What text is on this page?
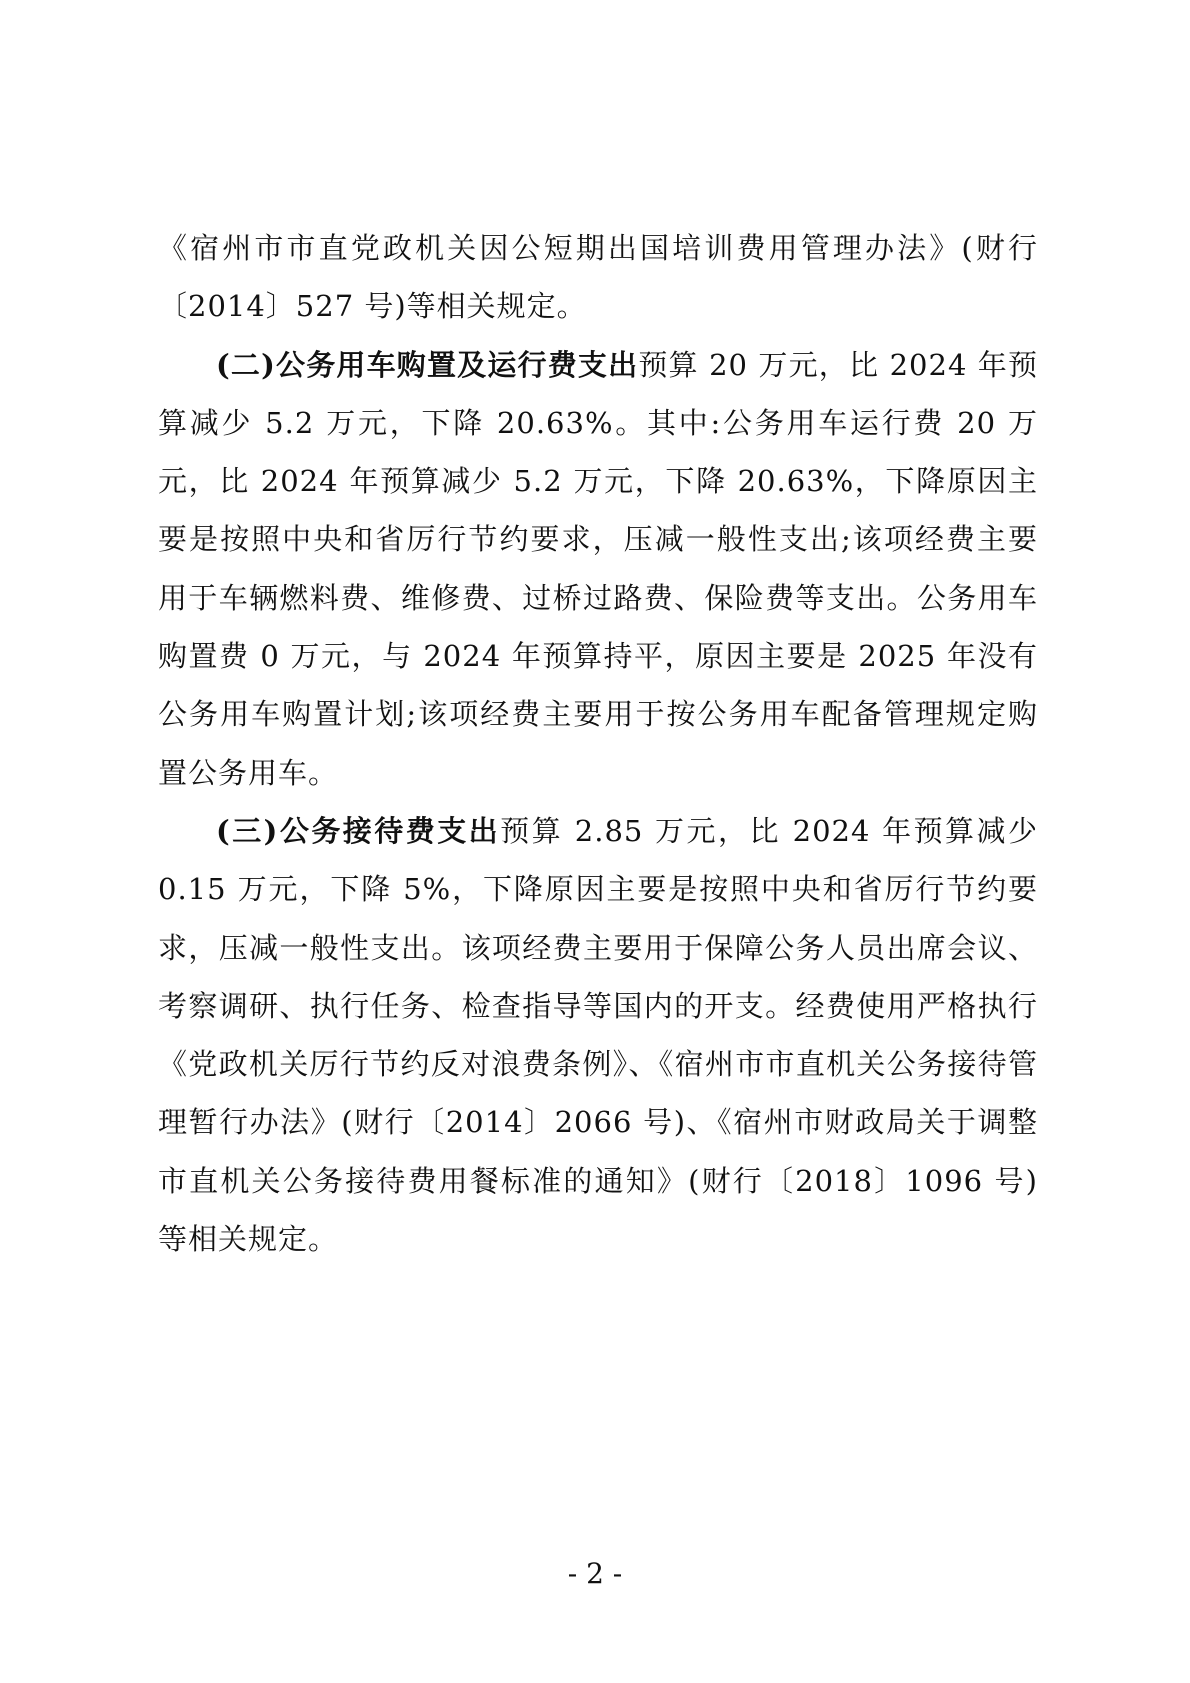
《宿州市市直党政机关因公短期出国培训费用管理办法》(财行〔2014〕527 号)等相关规定。

(二)公务用车购置及运行费支出预算 20 万元，比 2024 年预算减少 5.2 万元，下降 20.63%。其中:公务用车运行费 20 万元，比 2024 年预算减少 5.2 万元，下降 20.63%，下降原因主要是按照中央和省厉行节约要求，压减一般性支出;该项经费主要用于车辆燃料费、维修费、过桥过路费、保险费等支出。公务用车购置费 0 万元，与 2024 年预算持平，原因主要是 2025 年没有公务用车购置计划;该项经费主要用于按公务用车配备管理规定购置公务用车。

(三)公务接待费支出预算 2.85 万元，比 2024 年预算减少 0.15 万元，下降 5%，下降原因主要是按照中央和省厉行节约要求，压减一般性支出。该项经费主要用于保障公务人员出席会议、考察调研、执行任务、检查指导等国内的开支。经费使用严格执行《党政机关厉行节约反对浪费条例》、《宿州市市直机关公务接待管理暂行办法》(财行〔2014〕2066 号)、《宿州市财政局关于调整市直机关公务接待费用餐标准的通知》(财行〔2018〕1096 号)等相关规定。

- 2 -
